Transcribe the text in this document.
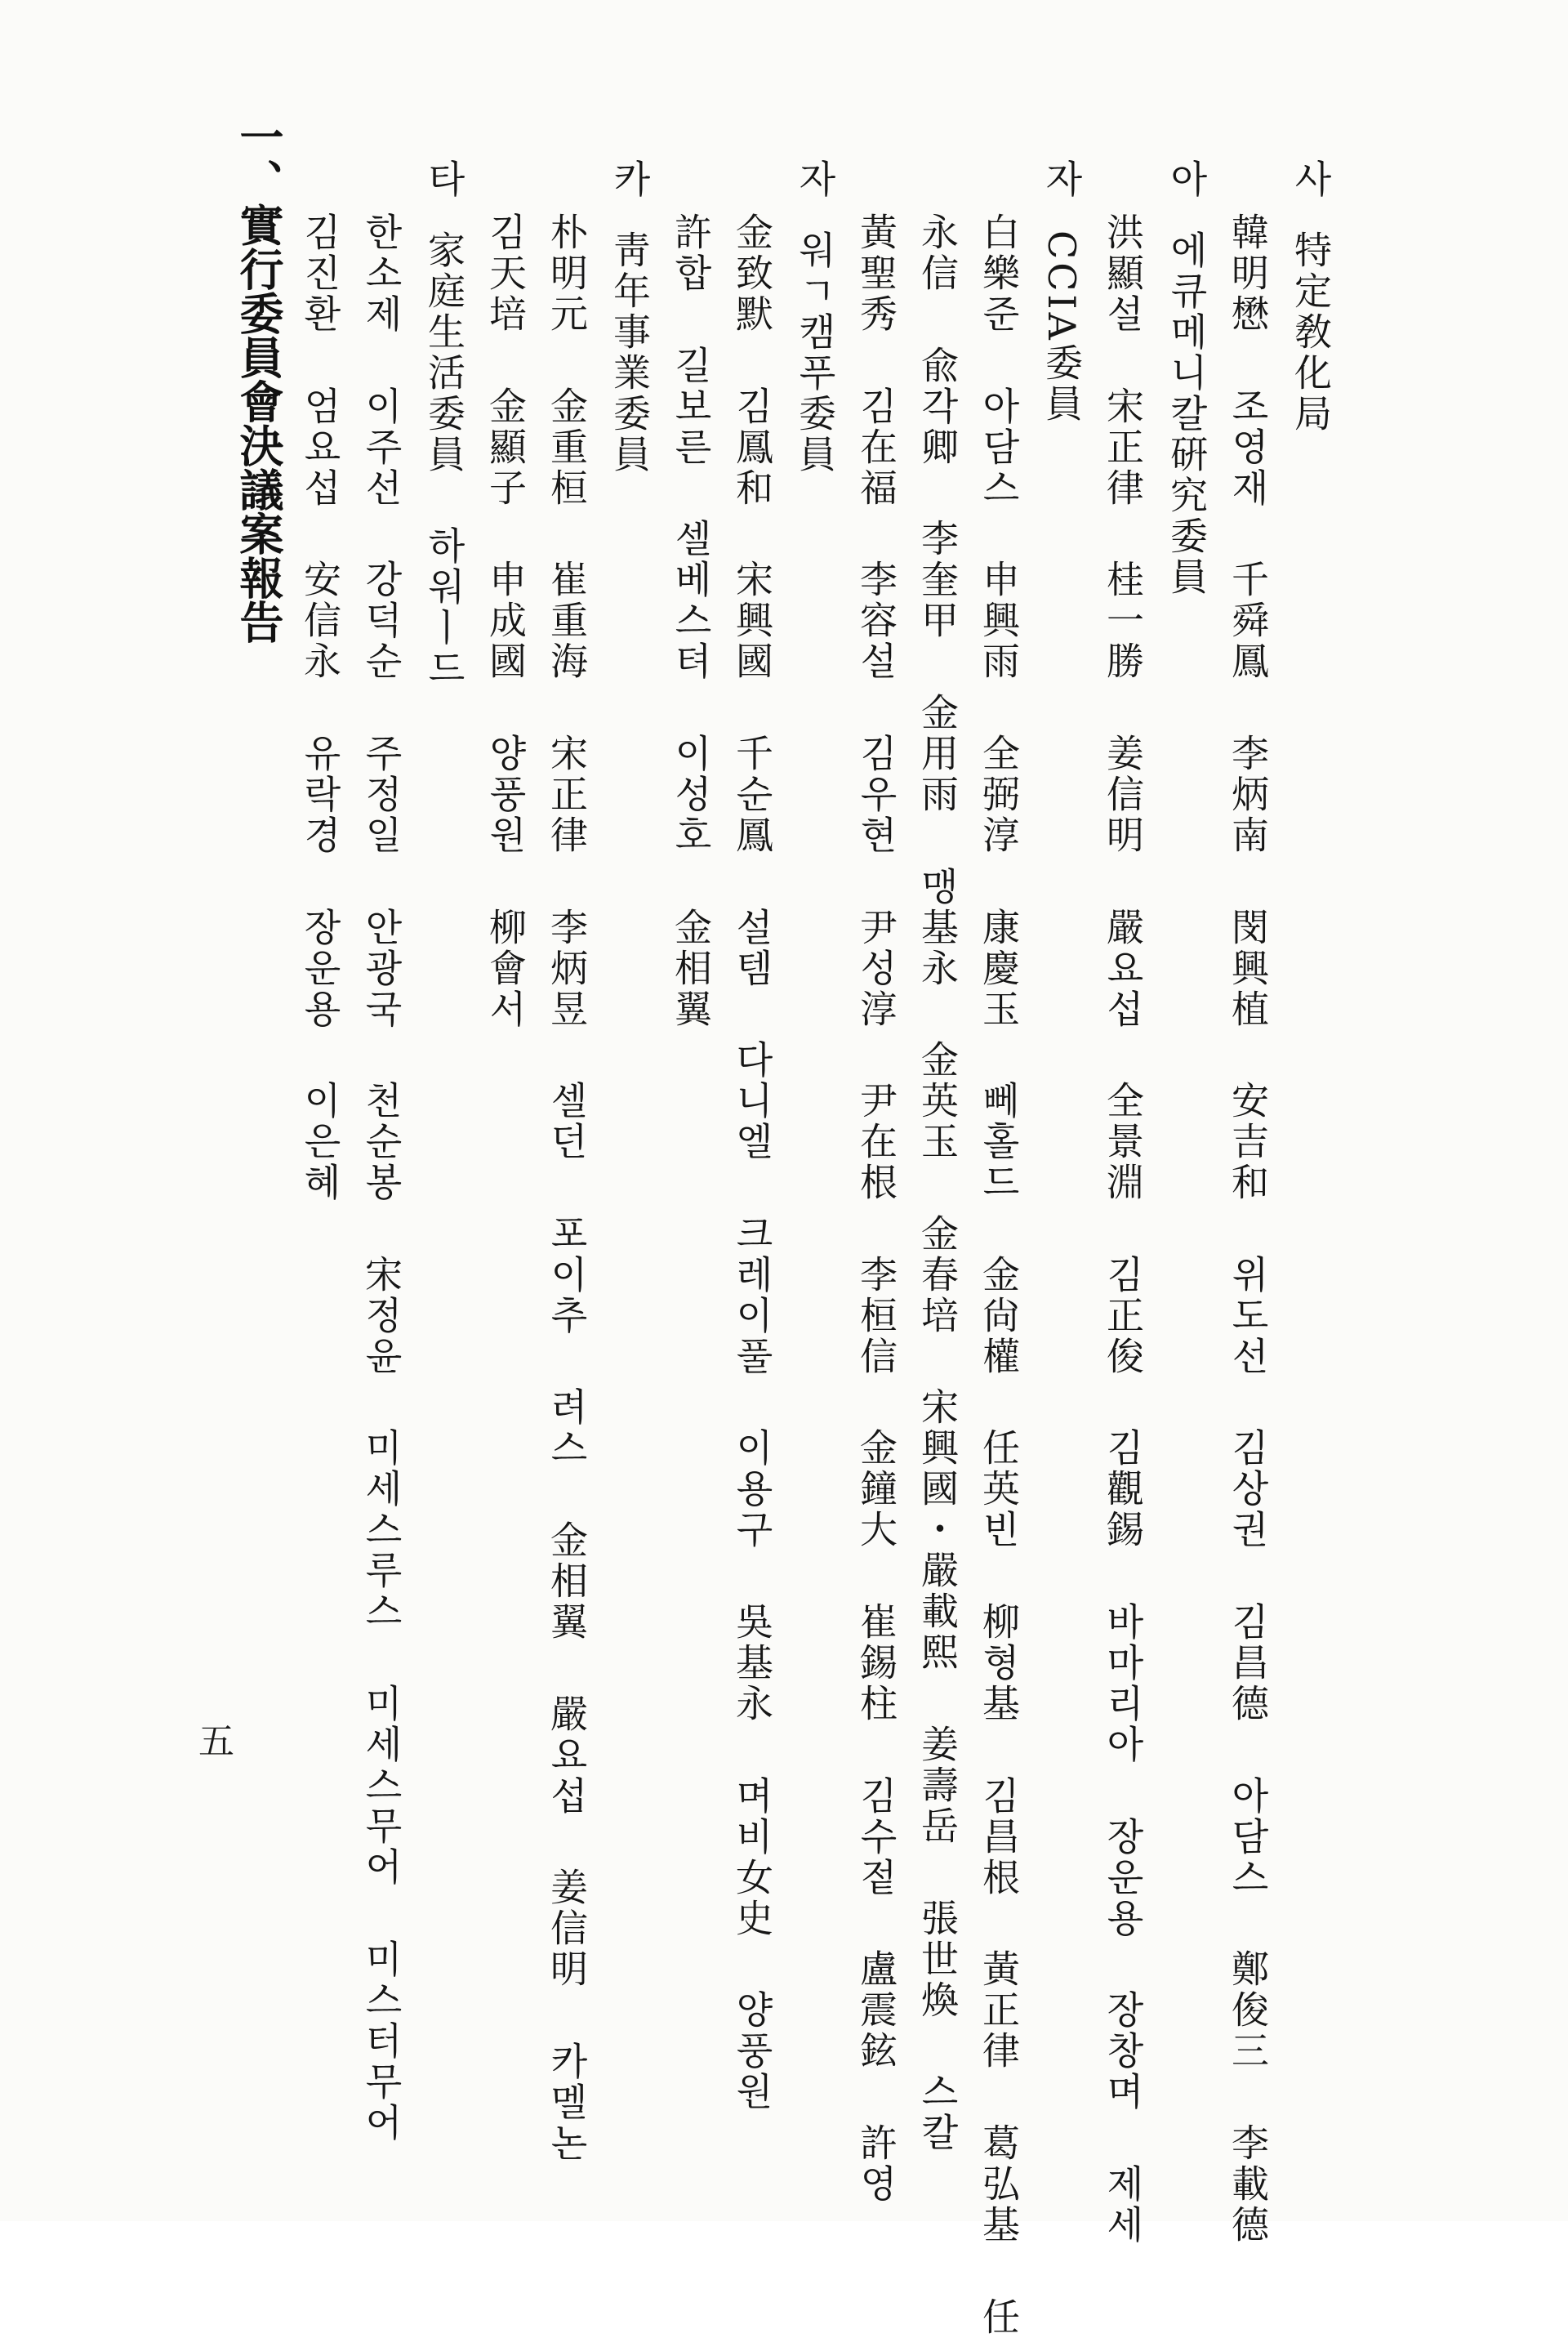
사 特定敎化局
韓明懋 조영재 千舜鳳 李炳南 閔興植 安吉和 위도선 김상권 김昌德 아담스 鄭俊三 李載德
아 에큐메니칼硏究委員
洪顯설 宋正律 桂一勝 姜信明 嚴요섭 全景淵 김正俊 김觀錫 바마리아 장운용 장창며 제세
자 CCIA委員
白樂준 아담스 申興雨 全弼淳 康慶玉 뻬홀드 金尙權 任英빈 柳형基 김昌根 黃正律 葛弘基 任
永信 兪각卿 李奎甲 金用雨 맹基永 金英玉 金春培 宋興國・嚴載熙 姜壽岳 張世煥 스칼
黃聖秀 김在福 李容설 김우현 尹성淳 尹在根 李桓信 金鐘大 崔錫柱 김수젙 盧震鉉 許영
자 워ㄱ캠푸委員
金致默 김鳳和 宋興國 千순鳳 설템 다니엘 크레이풀 이용구 吳基永 며비女史 양풍원
許합 길보른 셀베스텨 이성호 金相翼
카 靑年事業委員
朴明元 金重桓 崔重海 宋正律 李炳昱 셀던 포이추 려스 金相翼 嚴요섭 姜信明 카멜논
김天培 金顯子 申成國 양풍원 柳會서
타 家庭生活委員 하워ㅣ드
한소제 이주선 강덕순 주정일 안광국 천순봉 宋정윤 미세스루스 미세스무어 미스터무어
김진환 엄요섭 安信永 유락경 장운용 이은혜
一、實行委員會決議案報告
五
